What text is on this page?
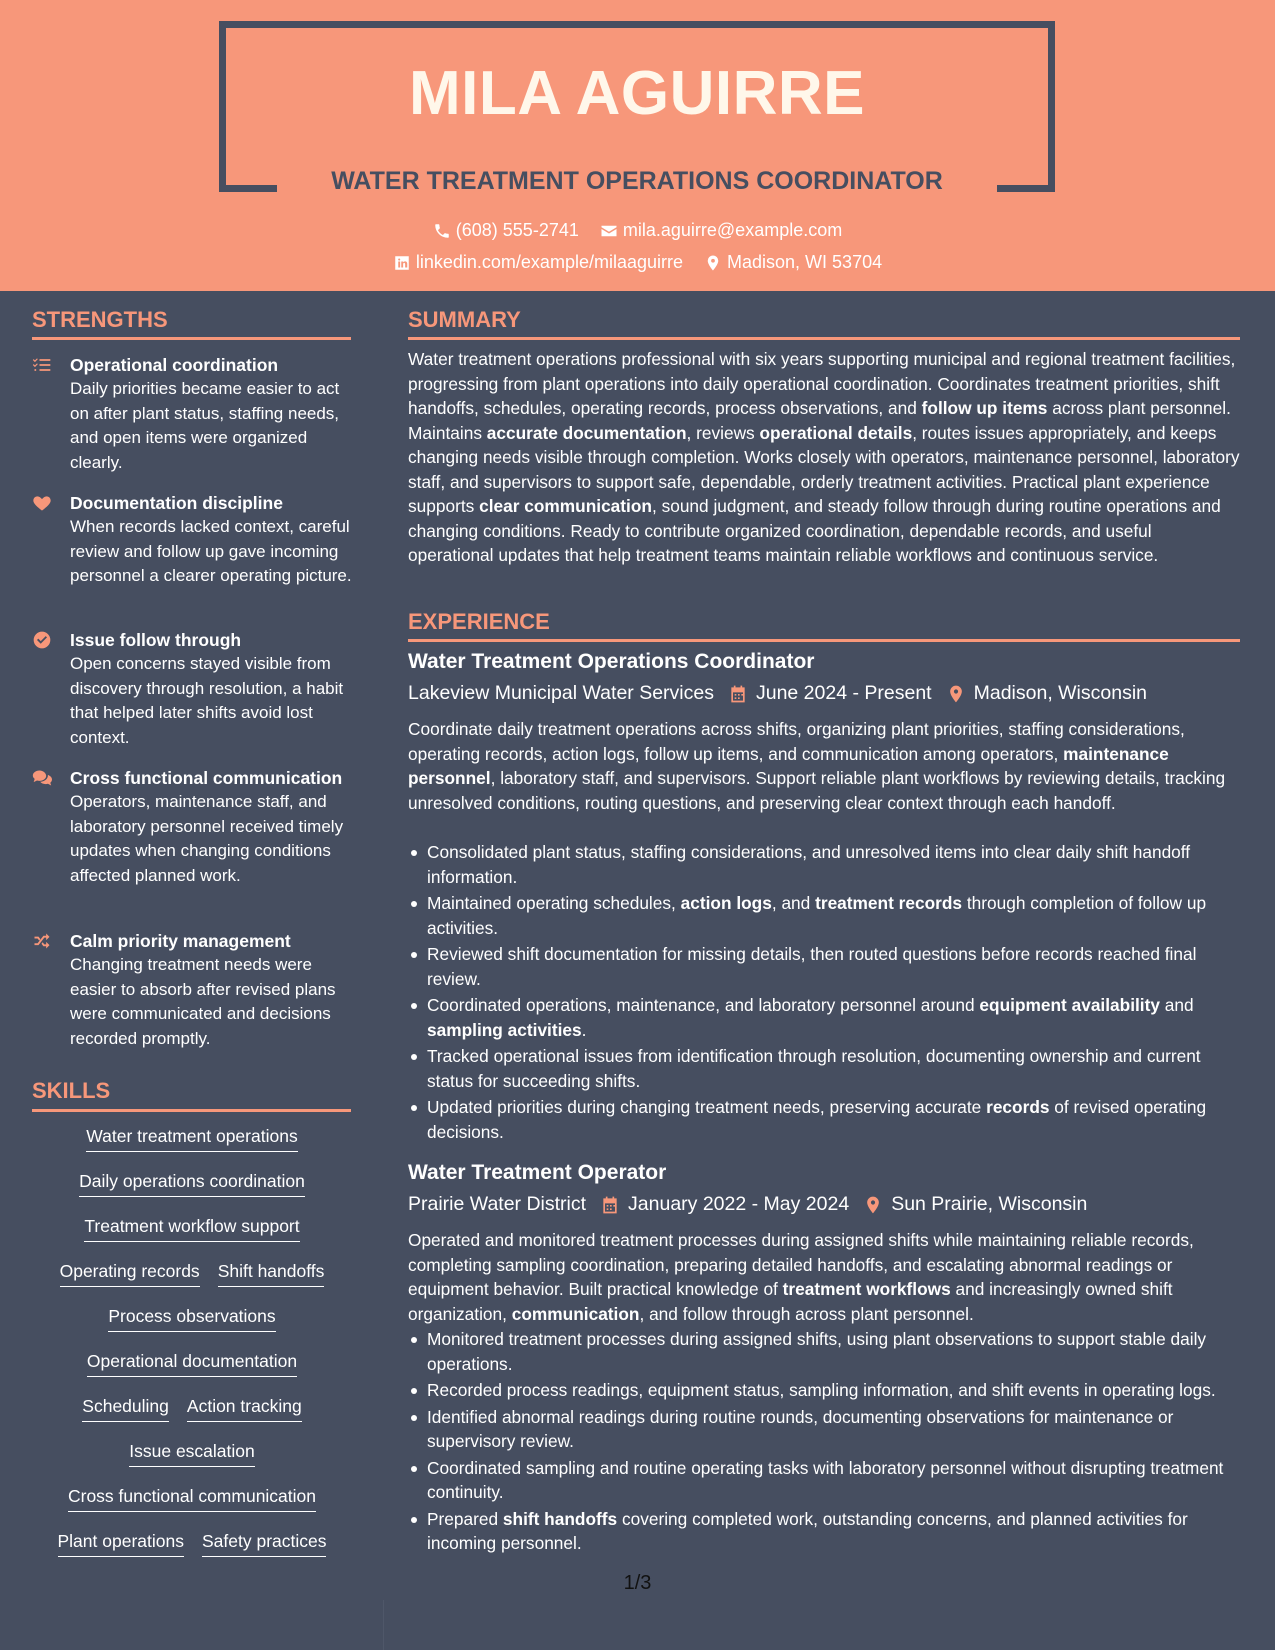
MILA AGUIRRE
WATER TREATMENT OPERATIONS COORDINATOR
(608) 555-2741
mila.aguirre@example.com
linkedin.com/example/milaaguirre
Madison, WI 53704
STRENGTHS
Operational coordination
Daily priorities became easier to act on after plant status, staffing needs, and open items were organized clearly.
Documentation discipline
When records lacked context, careful review and follow up gave incoming personnel a clearer operating picture.
Issue follow through
Open concerns stayed visible from discovery through resolution, a habit that helped later shifts avoid lost context.
Cross functional communication
Operators, maintenance staff, and laboratory personnel received timely updates when changing conditions affected planned work.
Calm priority management
Changing treatment needs were easier to absorb after revised plans were communicated and decisions recorded promptly.
SKILLS
Water treatment operations
Daily operations coordination
Treatment workflow support
Operating records Shift handoffs
Process observations
Operational documentation
Scheduling Action tracking
Issue escalation
Cross functional communication
Plant operations Safety practices
SUMMARY
Water treatment operations professional with six years supporting municipal and regional treatment facilities, progressing from plant operations into daily operational coordination. Coordinates treatment priorities, shift handoffs, schedules, operating records, process observations, and follow up items across plant personnel. Maintains accurate documentation, reviews operational details, routes issues appropriately, and keeps changing needs visible through completion. Works closely with operators, maintenance personnel, laboratory staff, and supervisors to support safe, dependable, orderly treatment activities. Practical plant experience supports clear communication, sound judgment, and steady follow through during routine operations and changing conditions. Ready to contribute organized coordination, dependable records, and useful operational updates that help treatment teams maintain reliable workflows and continuous service.
EXPERIENCE
Water Treatment Operations Coordinator
Lakeview Municipal Water Services June 2024 - Present Madison, Wisconsin
Coordinate daily treatment operations across shifts, organizing plant priorities, staffing considerations, operating records, action logs, follow up items, and communication among operators, maintenance personnel, laboratory staff, and supervisors. Support reliable plant workflows by reviewing details, tracking unresolved conditions, routing questions, and preserving clear context through each handoff.
Consolidated plant status, staffing considerations, and unresolved items into clear daily shift handoff information.
Maintained operating schedules, action logs, and treatment records through completion of follow up activities.
Reviewed shift documentation for missing details, then routed questions before records reached final review.
Coordinated operations, maintenance, and laboratory personnel around equipment availability and sampling activities.
Tracked operational issues from identification through resolution, documenting ownership and current status for succeeding shifts.
Updated priorities during changing treatment needs, preserving accurate records of revised operating decisions.
Water Treatment Operator
Prairie Water District January 2022 - May 2024 Sun Prairie, Wisconsin
Operated and monitored treatment processes during assigned shifts while maintaining reliable records, completing sampling coordination, preparing detailed handoffs, and escalating abnormal readings or equipment behavior. Built practical knowledge of treatment workflows and increasingly owned shift organization, communication, and follow through across plant personnel.
Monitored treatment processes during assigned shifts, using plant observations to support stable daily operations.
Recorded process readings, equipment status, sampling information, and shift events in operating logs.
Identified abnormal readings during routine rounds, documenting observations for maintenance or supervisory review.
Coordinated sampling and routine operating tasks with laboratory personnel without disrupting treatment continuity.
Prepared shift handoffs covering completed work, outstanding concerns, and planned activities for incoming personnel.
1/3
